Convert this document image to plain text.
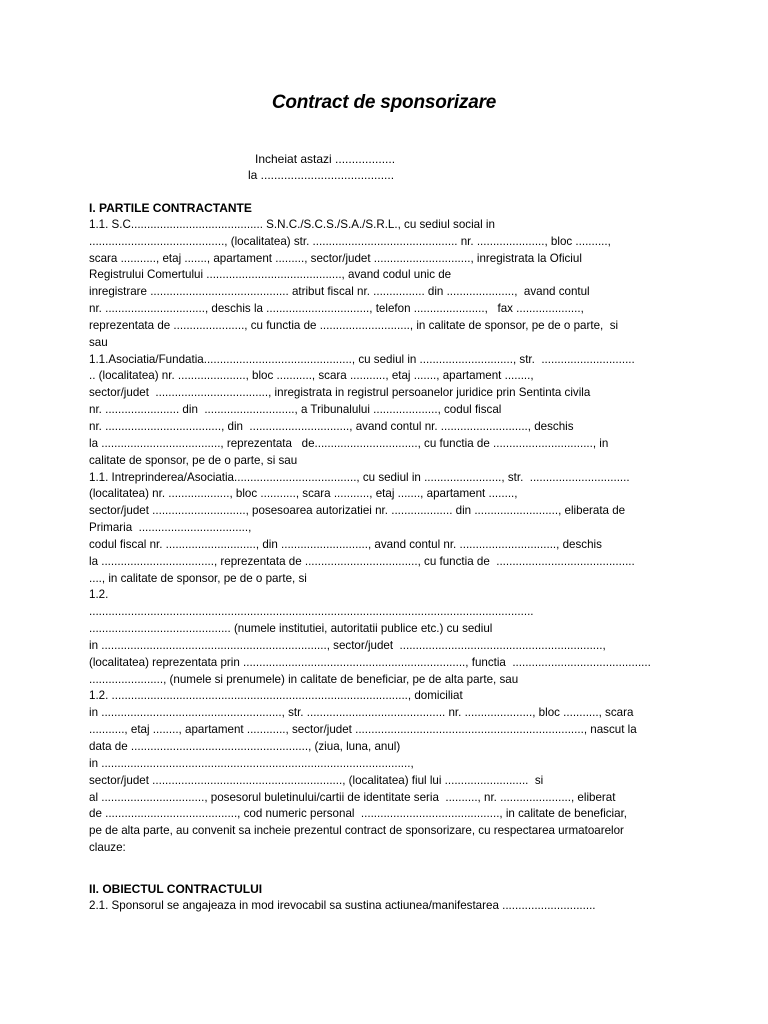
Contract de sponsorizare
Incheiat astazi ..................
la ........................................
I. PARTILE CONTRACTANTE
1.1. S.C......................................... S.N.C./S.C.S./S.A./S.R.L., cu sediul social in
.........................................., (localitatea) str. ............................................. nr. ....................., bloc ..........,
scara ..........., etaj ......., apartament ........., sector/judet .............................., inregistrata la Oficiul
Registrului Comertului .........................................., avand codul unic de
inregistrare ........................................... atribut fiscal nr. ................ din .....................,  avand contul
nr. ..............................., deschis la ................................, telefon ......................,   fax ....................,
reprezentata de ......................, cu functia de ............................, in calitate de sponsor, pe de o parte,  si
sau
1.1.Asociatia/Fundatia.............................................., cu sediul in ............................., str.  .............................
.. (localitatea) nr. ....................., bloc ..........., scara ..........., etaj ......., apartament ........,
sector/judet  ..................................., inregistrata in registrul persoanelor juridice prin Sentinta civila
nr. ....................... din  ............................, a Tribunalului ...................., codul fiscal
nr. ...................................., din  ..............................., avand contul nr. ..........................., deschis
la ....................................., reprezentata   de................................, cu functia de ..............................., in
calitate de sponsor, pe de o parte, si sau
1.1. Intreprinderea/Asociatia......................................, cu sediul in ........................, str.  ...............................
(localitatea) nr. ..................., bloc ..........., scara ..........., etaj ......., apartament ........,
sector/judet ............................., posesoarea autorizatiei nr. ................... din .........................., eliberata de
Primaria  ..................................,
codul fiscal nr. ............................, din ..........................., avand contul nr. .............................., deschis
la ..................................., reprezentata de ..................................., cu functia de  ...........................................
...., in calitate de sponsor, pe de o parte, si
1.2.
..........................................................................................................................................
............................................ (numele institutiei, autoritatii publice etc.) cu sediul
in ......................................................................, sector/judet  ...............................................................,
(localitatea) reprezentata prin ....................................................................., functia  ...........................................
......................., (numele si prenumele) in calitate de beneficiar, pe de alta parte, sau
1.2. ............................................................................................, domiciliat
in ........................................................, str. ........................................... nr. ....................., bloc ..........., scara
..........., etaj ........, apartament ............, sector/judet ......................................................................., nascut la
data de ......................................................., (ziua, luna, anul)
in ................................................................................................,
sector/judet ..........................................................., (localitatea) fiul lui ..........................  si
al ................................, posesorul buletinului/cartii de identitate seria  .........., nr. ......................, eliberat
de ........................................., cod numeric personal  ..........................................., in calitate de beneficiar,
pe de alta parte, au convenit sa incheie prezentul contract de sponsorizare, cu respectarea urmatoarelor
clauze:
II. OBIECTUL CONTRACTULUI
2.1. Sponsorul se angajeaza in mod irevocabil sa sustina actiunea/manifestarea .............................
